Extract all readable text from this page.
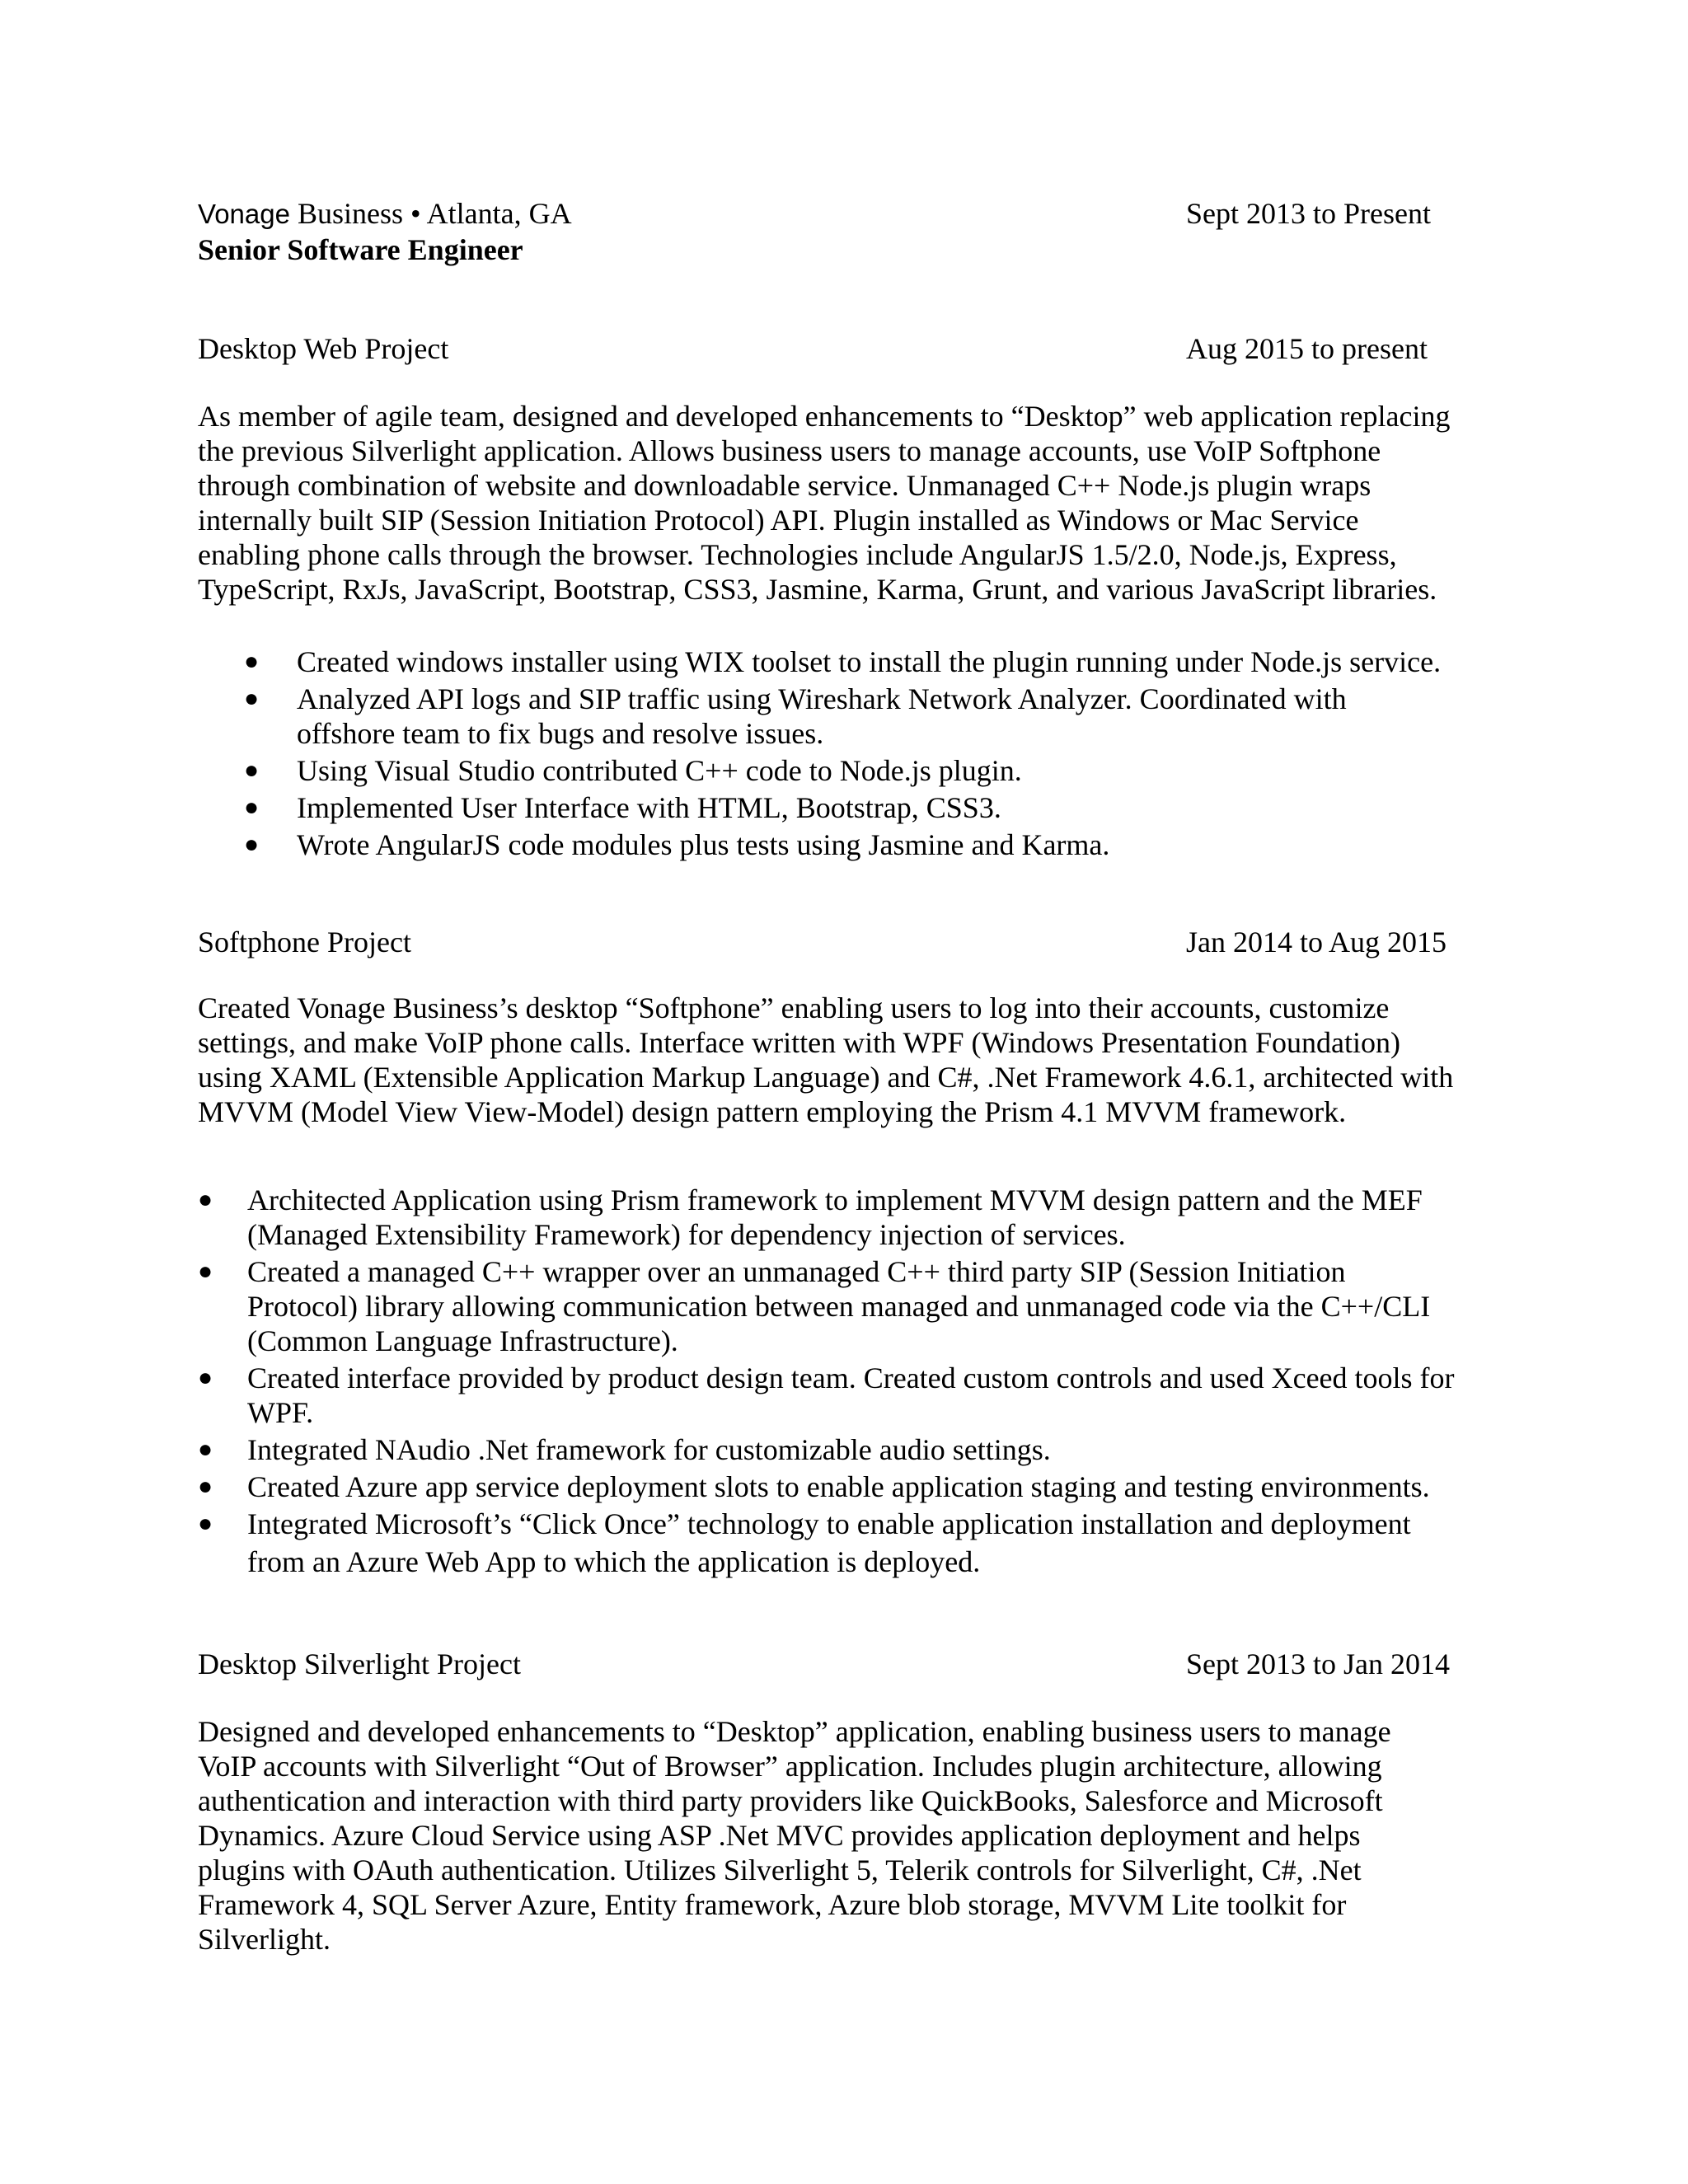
Vonage Business • Atlanta, GA	Sept 2013 to Present
Senior Software Engineer
Desktop Web Project	Aug 2015 to present
As member of agile team, designed and developed enhancements to “Desktop” web application replacing
the previous Silverlight application. Allows business users to manage accounts, use VoIP Softphone
through combination of website and downloadable service. Unmanaged C++ Node.js plugin wraps
internally built SIP (Session Initiation Protocol) API. Plugin installed as Windows or Mac Service
enabling phone calls through the browser. Technologies include AngularJS 1.5/2.0, Node.js, Express,
TypeScript, RxJs, JavaScript, Bootstrap, CSS3, Jasmine, Karma, Grunt, and various JavaScript libraries.
● Created windows installer using WIX toolset to install the plugin running under Node.js service.
● Analyzed API logs and SIP traffic using Wireshark Network Analyzer. Coordinated with
offshore team to fix bugs and resolve issues.
● Using Visual Studio contributed C++ code to Node.js plugin.
● Implemented User Interface with HTML, Bootstrap, CSS3.
● Wrote AngularJS code modules plus tests using Jasmine and Karma.
Softphone Project	Jan 2014 to Aug 2015
Created Vonage Business’s desktop “Softphone” enabling users to log into their accounts, customize
settings, and make VoIP phone calls. Interface written with WPF (Windows Presentation Foundation)
using XAML (Extensible Application Markup Language) and C#, .Net Framework 4.6.1, architected with
MVVM (Model View View-Model) design pattern employing the Prism 4.1 MVVM framework.
● Architected Application using Prism framework to implement MVVM design pattern and the MEF
(Managed Extensibility Framework) for dependency injection of services.
● Created a managed C++ wrapper over an unmanaged C++ third party SIP (Session Initiation
Protocol) library allowing communication between managed and unmanaged code via the C++/CLI
(Common Language Infrastructure).
● Created interface provided by product design team. Created custom controls and used Xceed tools for
WPF.
● Integrated NAudio .Net framework for customizable audio settings.
● Created Azure app service deployment slots to enable application staging and testing environments.
● Integrated Microsoft’s “Click Once” technology to enable application installation and deployment
from an Azure Web App to which the application is deployed.
Desktop Silverlight Project	Sept 2013 to Jan 2014
Designed and developed enhancements to “Desktop” application, enabling business users to manage
VoIP accounts with Silverlight “Out of Browser” application. Includes plugin architecture, allowing
authentication and interaction with third party providers like QuickBooks, Salesforce and Microsoft
Dynamics. Azure Cloud Service using ASP .Net MVC provides application deployment and helps
plugins with OAuth authentication. Utilizes Silverlight 5, Telerik controls for Silverlight, C#, .Net
Framework 4, SQL Server Azure, Entity framework, Azure blob storage, MVVM Lite toolkit for
Silverlight.
